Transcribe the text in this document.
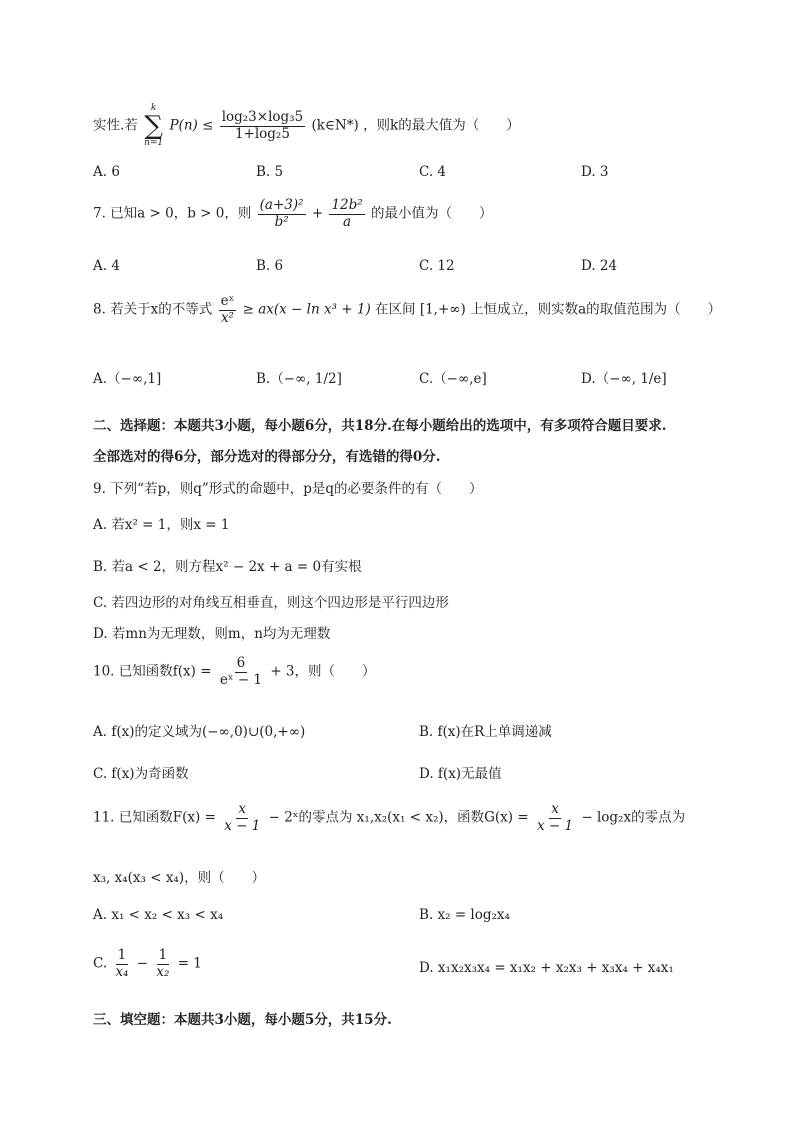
实性.若
k
∑
n=1
$P(n) \le \frac{\text{log₂3×log₃5}}{\text{1+log₂5}}$ (k∈N*) ，则k的最大值为（　　）
A. 6	B. 5	C. 4	D. 3
7. 已知a > 0，b > 0，则 $\frac{\text{(a+3)²}}{\text{b²}} + \frac{\text{12b²}}{a}$ 的最小值为（　　）
A. 4	B. 6	C. 12	D. 24
8. 若关于x的不等式 $\frac{\text{eˣ}}{\text{x²}} \ge ax(x - \ln x^3 + 1)$ 在区间 [1,+∞) 上恒成立，则实数a的取值范围为（　　）
A.（−∞,1]	B.（−∞, 1/2]	C.（−∞,e]	D.（−∞, 1/e]
二、选择题：本题共3小题，每小题6分，共18分.在每小题给出的选项中，有多项符合题目要求.
全部选对的得6分，部分选对的得部分分，有选错的得0分.
9. 下列“若p，则q”形式的命题中，p是q的必要条件的有（　　）
A. 若x² = 1，则x = 1
B. 若a < 2，则方程x² − 2x + a = 0有实根
C. 若四边形的对角线互相垂直，则这个四边形是平行四边形
D. 若mn为无理数，则m，n均为无理数
10. 已知函数$f(x) = \frac{6}{\text{eˣ − 1}} + 3$，则（　　）
A. f(x)的定义域为(−∞,0)∪(0,+∞)	B. f(x)在R上单调递减
C. f(x)为奇函数	D. f(x)无最值
11. 已知函数$F(x) = \frac{x}{x - 1}$ − 2ˣ的零点为 x₁,x₂(x₁ < x₂)，函数$G(x) = \frac{x}{x - 1} - \log_2x$的零点为
x₃, x₄(x₃ < x₄)，则（　　）
A. x₁ < x₂ < x₃ < x₄	B. x₂ = log₂x₄
C. $\frac{1}{\text{x₄}} - \frac{1}{\text{x₂}} = 1$	D. x₁x₂x₃x₄ = x₁x₂ + x₂x₃ + x₃x₄ + x₄x₁
三、填空题：本题共3小题，每小题5分，共15分.
